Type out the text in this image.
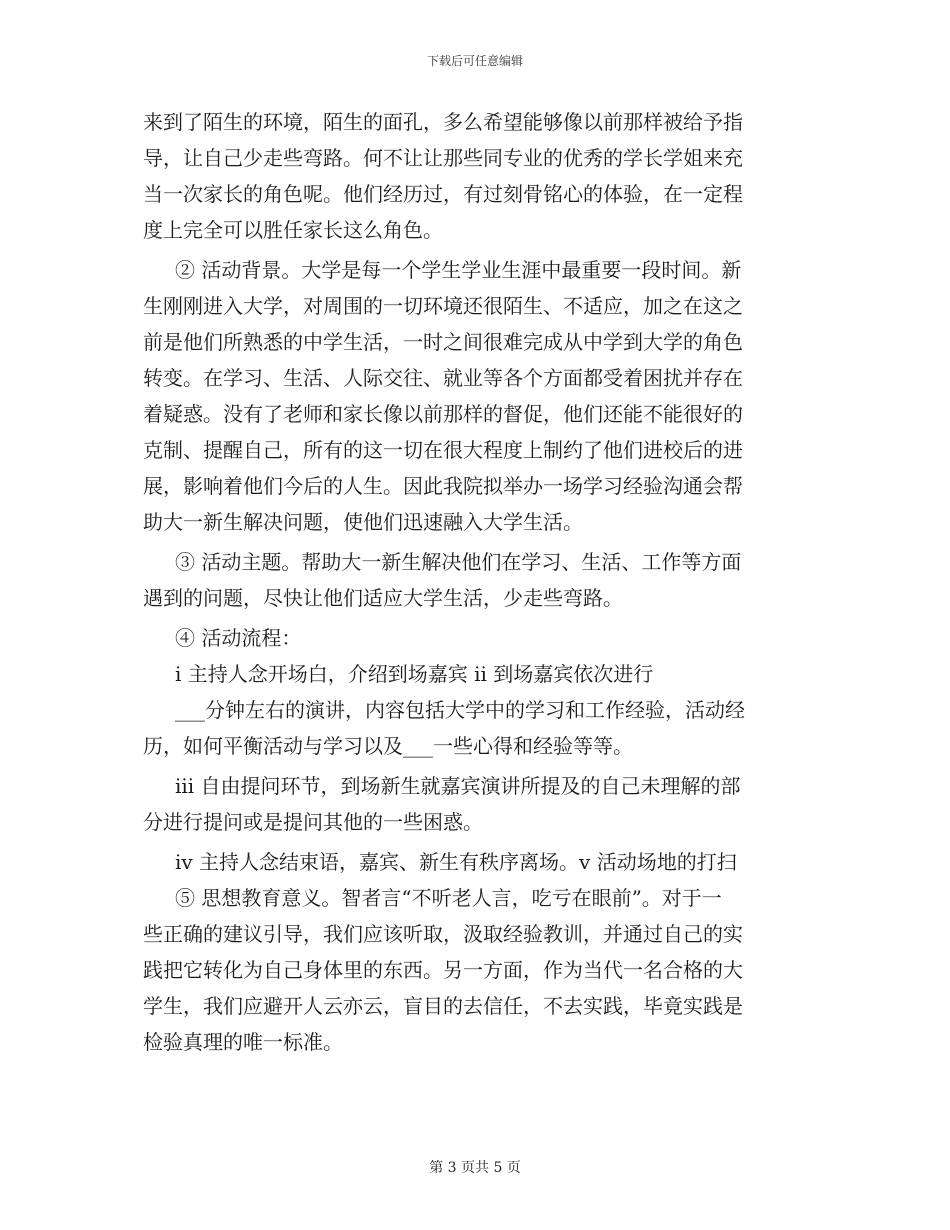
下载后可任意编辑
来到了陌生的环境，陌生的面孔，多么希望能够像以前那样被给予指
导，让自己少走些弯路。何不让让那些同专业的优秀的学长学姐来充
当一次家长的角色呢。他们经历过，有过刻骨铭心的体验，在一定程
度上完全可以胜任家长这么角色。
② 活动背景。大学是每一个学生学业生涯中最重要一段时间。新
生刚刚进入大学，对周围的一切环境还很陌生、不适应，加之在这之
前是他们所熟悉的中学生活，一时之间很难完成从中学到大学的角色
转变。在学习、生活、人际交往、就业等各个方面都受着困扰并存在
着疑惑。没有了老师和家长像以前那样的督促，他们还能不能很好的
克制、提醒自己，所有的这一切在很大程度上制约了他们进校后的进
展，影响着他们今后的人生。因此我院拟举办一场学习经验沟通会帮
助大一新生解决问题，使他们迅速融入大学生活。
③ 活动主题。帮助大一新生解决他们在学习、生活、工作等方面
遇到的问题，尽快让他们适应大学生活，少走些弯路。
④ 活动流程：
i 主持人念开场白，介绍到场嘉宾 ii 到场嘉宾依次进行
___分钟左右的演讲，内容包括大学中的学习和工作经验，活动经
历，如何平衡活动与学习以及___一些心得和经验等等。
iii 自由提问环节，到场新生就嘉宾演讲所提及的自己未理解的部
分进行提问或是提问其他的一些困惑。
iv 主持人念结束语，嘉宾、新生有秩序离场。v 活动场地的打扫
⑤ 思想教育意义。智者言“不听老人言，吃亏在眼前”。对于一
些正确的建议引导，我们应该听取，汲取经验教训，并通过自己的实
践把它转化为自己身体里的东西。另一方面，作为当代一名合格的大
学生，我们应避开人云亦云，盲目的去信任，不去实践，毕竟实践是
检验真理的唯一标准。
第 3 页共 5 页
